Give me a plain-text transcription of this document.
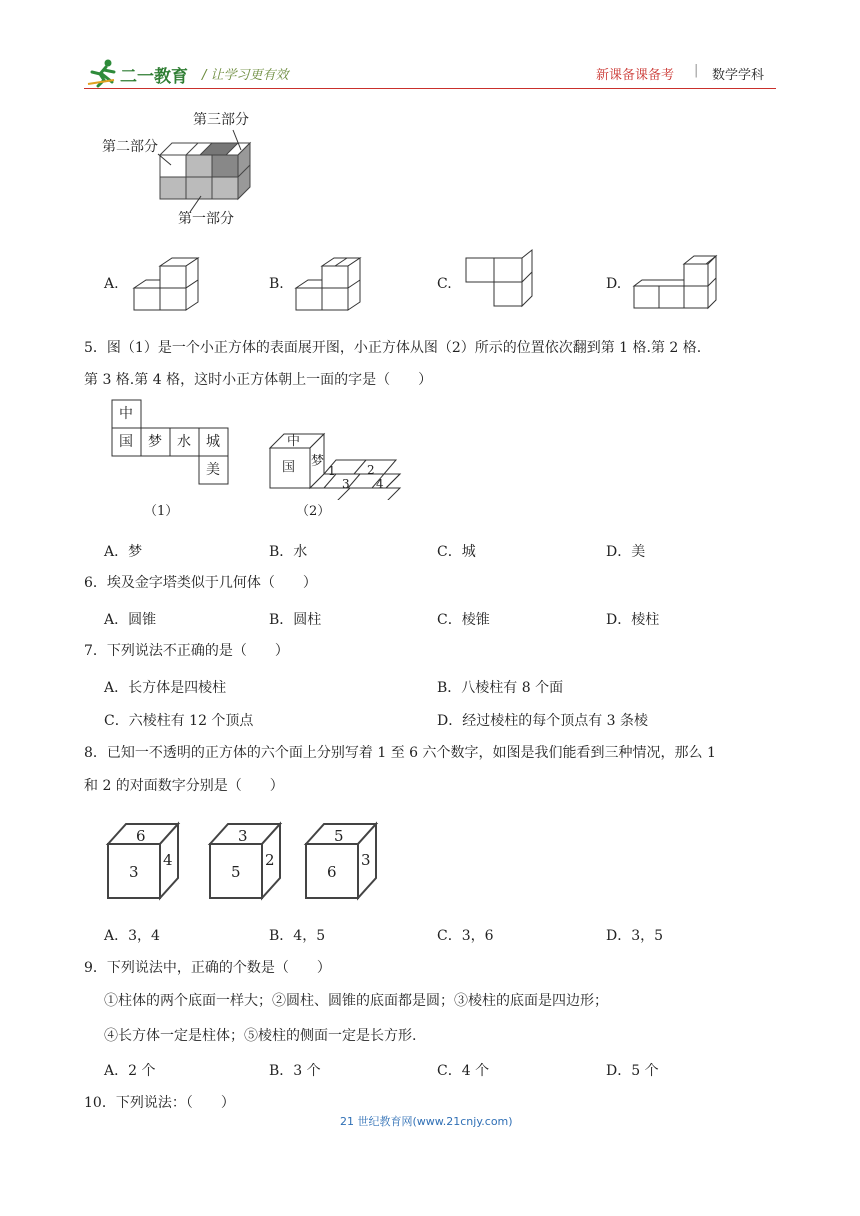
二一教育 / 让学习更有效	新课备课备考 | 数学学科
第三部分
第二部分
第一部分
A.	B.	C.	D.
5．图（1）是一个小正方体的表面展开图，小正方体从图（2）所示的位置依次翻到第 1 格.第 2 格.
第 3 格.第 4 格，这时小正方体朝上一面的字是（　　）
中
国 梦 水 城
美
（1）
中
国 梦
1	2
3 4
（2）
A．梦	B．水	C．城	D．美
6．埃及金字塔类似于几何体（　　）
A．圆锥	B．圆柱	C．棱锥	D．棱柱
7．下列说法不正确的是（　　）
A．长方体是四棱柱	B．八棱柱有 8 个面
C．六棱柱有 12 个顶点	D．经过棱柱的每个顶点有 3 条棱
8．已知一不透明的正方体的六个面上分别写着 1 至 6 六个数字，如图是我们能看到三种情况，那么 1
和 2 的对面数字分别是（　　）
6
3
4
3
5
2
5
6
3
A．3，4	B．4，5	C．3，6	D．3，5
9．下列说法中，正确的个数是（　　）
①柱体的两个底面一样大；②圆柱、圆锥的底面都是圆；③棱柱的底面是四边形；
④长方体一定是柱体；⑤棱柱的侧面一定是长方形.
A．2 个	B．3 个	C．4 个	D．5 个
10．下列说法：（　　）
21 世纪教育网(www.21cnjy.com)
